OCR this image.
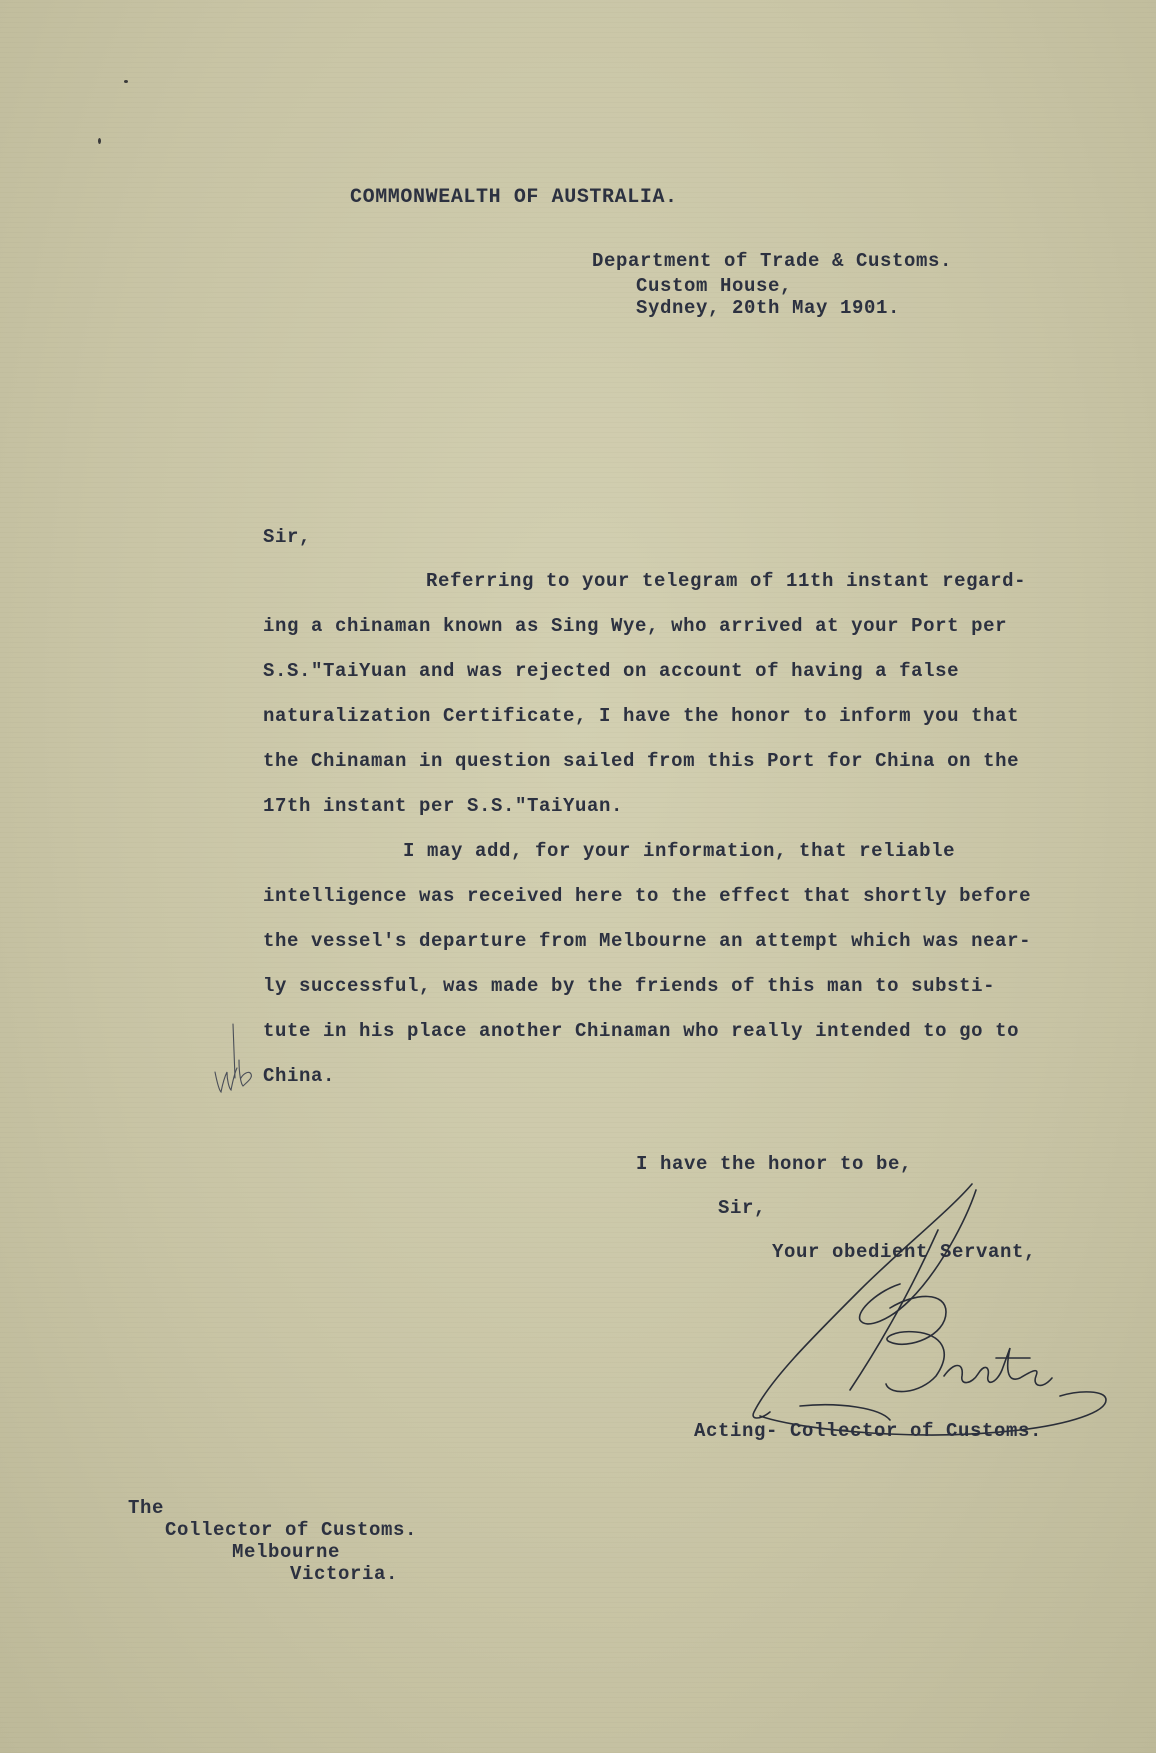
COMMONWEALTH OF AUSTRALIA.
Department of Trade & Customs.
Custom House,
Sydney, 20th May 1901.
Sir,
Referring to your telegram of 11th instant regard-
ing a chinaman known as Sing Wye, who arrived at your Port per
S.S."TaiYuan and was rejected on account of having a false
naturalization Certificate, I have the honor to inform you that
the Chinaman in question sailed from this Port for China on the
17th instant per S.S."TaiYuan.
I may add, for your information, that reliable
intelligence was received here to the effect that shortly before
the vessel's departure from Melbourne an attempt which was near-
ly successful, was made by the friends of this man to substi-
tute in his place another Chinaman who really intended to go to
China.
I have the honor to be,
Sir,
Your obedient Servant,
Acting- Collector of Customs.
The
Collector of Customs.
Melbourne
Victoria.
